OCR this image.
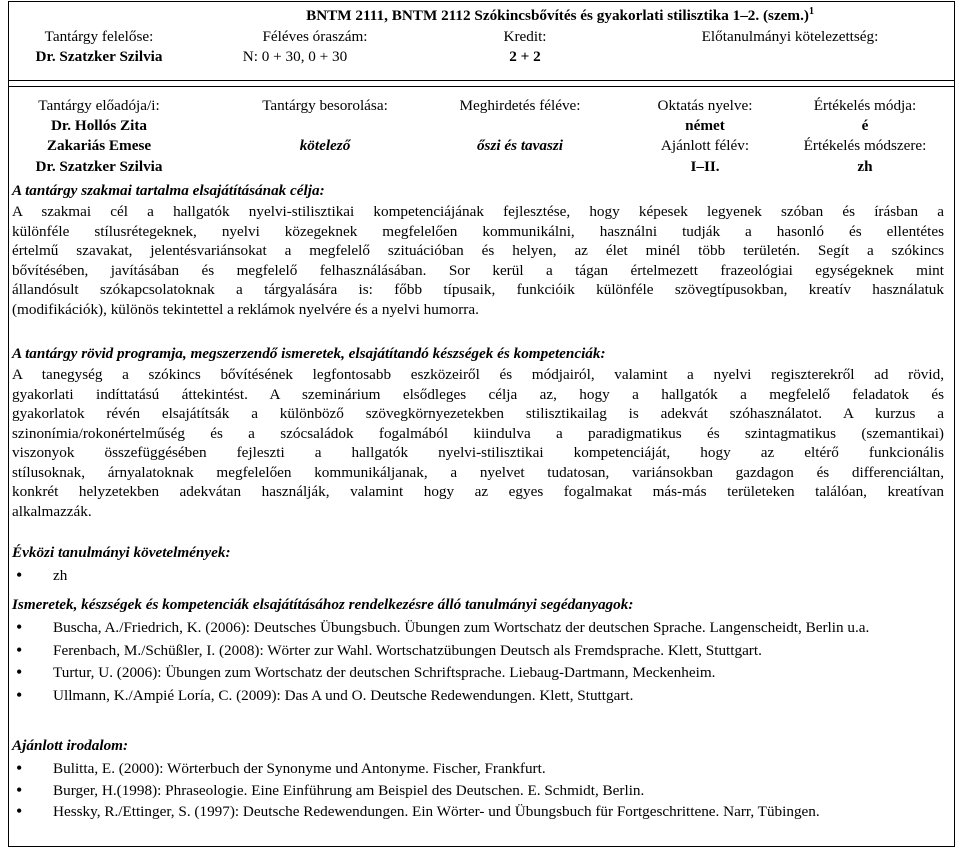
BNTM 2111, BNTM 2112 Szókincsbővítés és gyakorlati stilisztika 1–2. (szem.)$^1$
Tantárgy felelőse:
Dr. Szatzker Szilvia
Féléves óraszám:
N: 0 + 30, 0 + 30
Kredit:
2 + 2
Előtanulmányi kötelezettség:
Tantárgy előadója/i:
Dr. Hollós Zita
Zakariás Emese
Dr. Szatzker Szilvia
Tantárgy besorolása:
kötelező
Meghirdetés féléve:
őszi és tavaszi
Oktatás nyelve:
német
Ajánlott félév:
I–II.
Értékelés módja:
é
Értékelés módszere:
zh
A tantárgy szakmai tartalma elsajátításának célja:
A szakmai cél a hallgatók nyelvi-stilisztikai kompetenciájának fejlesztése, hogy képesek legyenek szóban és írásban a
különféle stílusrétegeknek, nyelvi közegeknek megfelelően kommunikálni, használni tudják a hasonló és ellentétes
értelmű szavakat, jelentésvariánsokat a megfelelő szituációban és helyen, az élet minél több területén. Segít a szókincs
bővítésében, javításában és megfelelő felhasználásában. Sor kerül a tágan értelmezett frazeológiai egységeknek mint
állandósult szókapcsolatoknak a tárgyalására is: főbb típusaik, funkcióik különféle szövegtípusokban, kreatív használatuk
(modifikációk), különös tekintettel a reklámok nyelvére és a nyelvi humorra.
A tantárgy rövid programja, megszerzendő ismeretek, elsajátítandó készségek és kompetenciák:
A tanegység a szókincs bővítésének legfontosabb eszközeiről és módjairól, valamint a nyelvi regiszterekről ad rövid,
gyakorlati indíttatású áttekintést. A szeminárium elsődleges célja az, hogy a hallgatók a megfelelő feladatok és
gyakorlatok révén elsajátítsák a különböző szövegkörnyezetekben stilisztikailag is adekvát szóhasználatot. A kurzus a
szinonímia/rokonértelműség és a szócsaládok fogalmából kiindulva a paradigmatikus és szintagmatikus (szemantikai)
viszonyok összefüggésében fejleszti a hallgatók nyelvi-stilisztikai kompetenciáját, hogy az eltérő funkcionális
stílusoknak, árnyalatoknak megfelelően kommunikáljanak, a nyelvet tudatosan, variánsokban gazdagon és differenciáltan,
konkrét helyzetekben adekvátan használják, valamint hogy az egyes fogalmakat más-más területeken találóan, kreatívan
alkalmazzák.
Évközi tanulmányi követelmények:
• zh
Ismeretek, készségek és kompetenciák elsajátításához rendelkezésre álló tanulmányi segédanyagok:
• Buscha, A./Friedrich, K. (2006): Deutsches Übungsbuch. Übungen zum Wortschatz der deutschen Sprache. Langenscheidt, Berlin u.a.
• Ferenbach, M./Schüßler, I. (2008): Wörter zur Wahl. Wortschatzübungen Deutsch als Fremdsprache. Klett, Stuttgart.
• Turtur, U. (2006): Übungen zum Wortschatz der deutschen Schriftsprache. Liebaug-Dartmann, Meckenheim.
• Ullmann, K./Ampié Loría, C. (2009): Das A und O. Deutsche Redewendungen. Klett, Stuttgart.
Ajánlott irodalom:
• Bulitta, E. (2000): Wörterbuch der Synonyme und Antonyme. Fischer, Frankfurt.
• Burger, H.(1998): Phraseologie. Eine Einführung am Beispiel des Deutschen. E. Schmidt, Berlin.
• Hessky, R./Ettinger, S. (1997): Deutsche Redewendungen. Ein Wörter- und Übungsbuch für Fortgeschrittene. Narr, Tübingen.
